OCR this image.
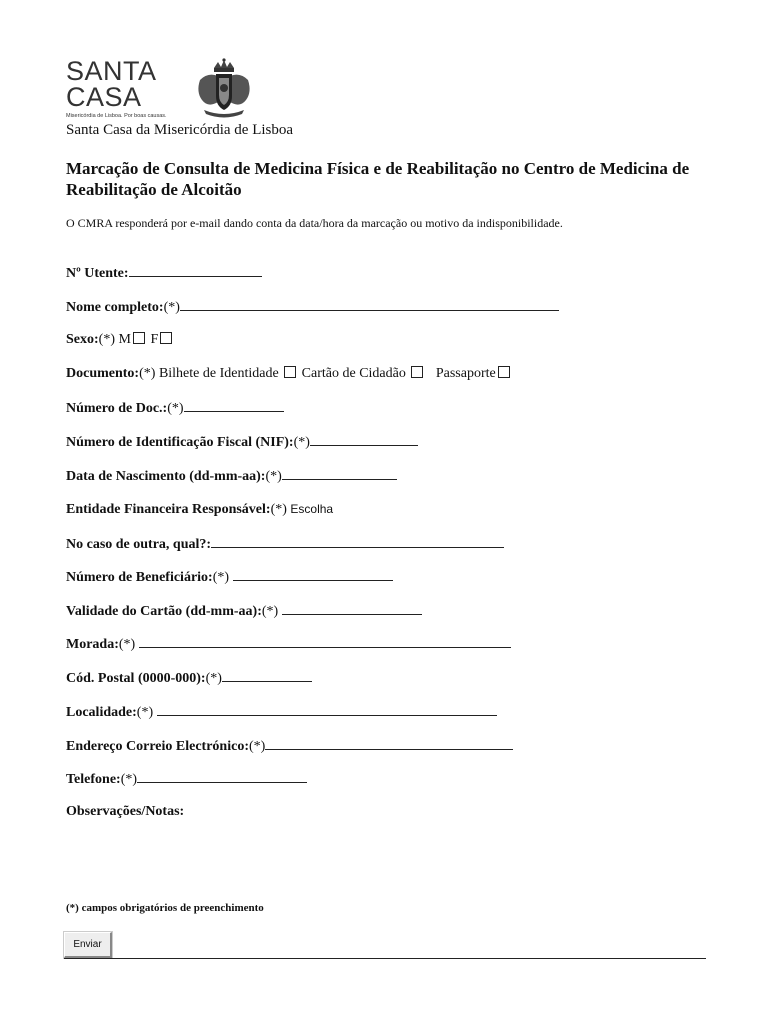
SANTA
CASA
Misericórdia de Lisboa. Por boas causas.
Santa Casa da Misericórdia de Lisboa
Marcação de Consulta de Medicina Física e de Reabilitação no Centro de Medicina de Reabilitação de Alcoitão
O CMRA responderá por e-mail dando conta da data/hora da marcação ou motivo da indisponibilidade.
Nº Utente:
Nome completo:(*)
Sexo:(*) M F
Documento:(*) Bilhete de Identidade Cartão de Cidadão Passaporte
Número de Doc.:(*)
Número de Identificação Fiscal (NIF):(*)
Data de Nascimento (dd-mm-aa):(*)
Entidade Financeira Responsável:(*) Escolha
No caso de outra, qual?:
Número de Beneficiário:(*)
Validade do Cartão (dd-mm-aa):(*)
Morada:(*)
Cód. Postal (0000-000):(*)
Localidade:(*)
Endereço Correio Electrónico:(*)
Telefone:(*)
Observações/Notas:
(*) campos obrigatórios de preenchimento
Enviar
